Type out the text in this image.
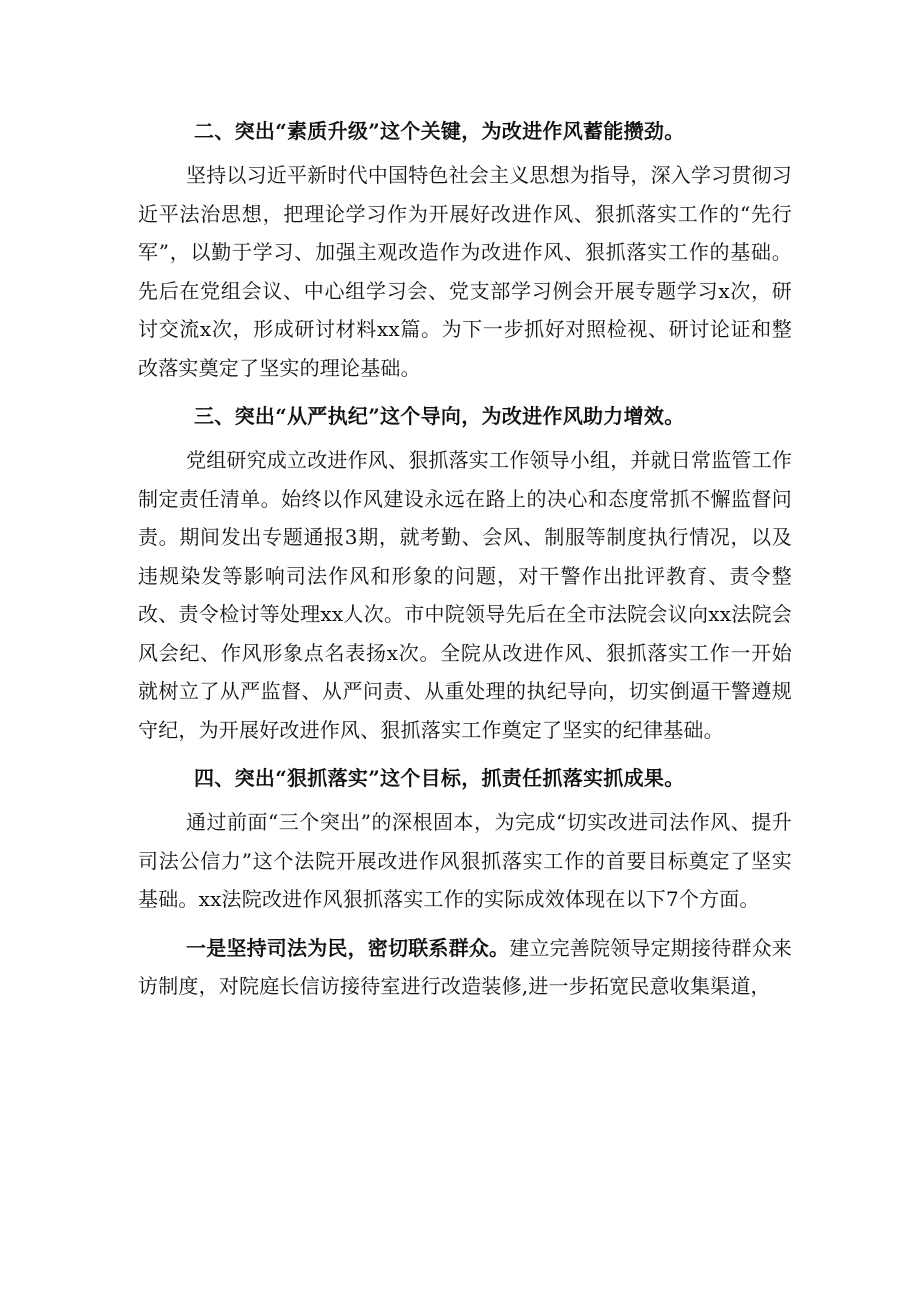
二、突出“素质升级”这个关键，为改进作风蓄能攒劲。

坚持以习近平新时代中国特色社会主义思想为指导，深入学习贯彻习近平法治思想，把理论学习作为开展好改进作风、狠抓落实工作的“先行军”，以勤于学习、加强主观改造作为改进作风、狠抓落实工作的基础。先后在党组会议、中心组学习会、党支部学习例会开展专题学习x次，研讨交流x次，形成研讨材料xx篇。为下一步抓好对照检视、研讨论证和整改落实奠定了坚实的理论基础。

三、突出“从严执纪”这个导向，为改进作风助力增效。

党组研究成立改进作风、狠抓落实工作领导小组，并就日常监管工作制定责任清单。始终以作风建设永远在路上的决心和态度常抓不懈监督问责。期间发出专题通报3期，就考勤、会风、制服等制度执行情况，以及违规染发等影响司法作风和形象的问题，对干警作出批评教育、责令整改、责令检讨等处理xx人次。市中院领导先后在全市法院会议向xx法院会风会纪、作风形象点名表扬x次。全院从改进作风、狠抓落实工作一开始就树立了从严监督、从严问责、从重处理的执纪导向，切实倒逼干警遵规守纪，为开展好改进作风、狠抓落实工作奠定了坚实的纪律基础。

四、突出“狠抓落实”这个目标，抓责任抓落实抓成果。

通过前面“三个突出”的深根固本，为完成“切实改进司法作风、提升司法公信力”这个法院开展改进作风狠抓落实工作的首要目标奠定了坚实基础。xx法院改进作风狠抓落实工作的实际成效体现在以下7个方面。

一是坚持司法为民，密切联系群众。建立完善院领导定期接待群众来访制度，对院庭长信访接待室进行改造装修,进一步拓宽民意收集渠道，
